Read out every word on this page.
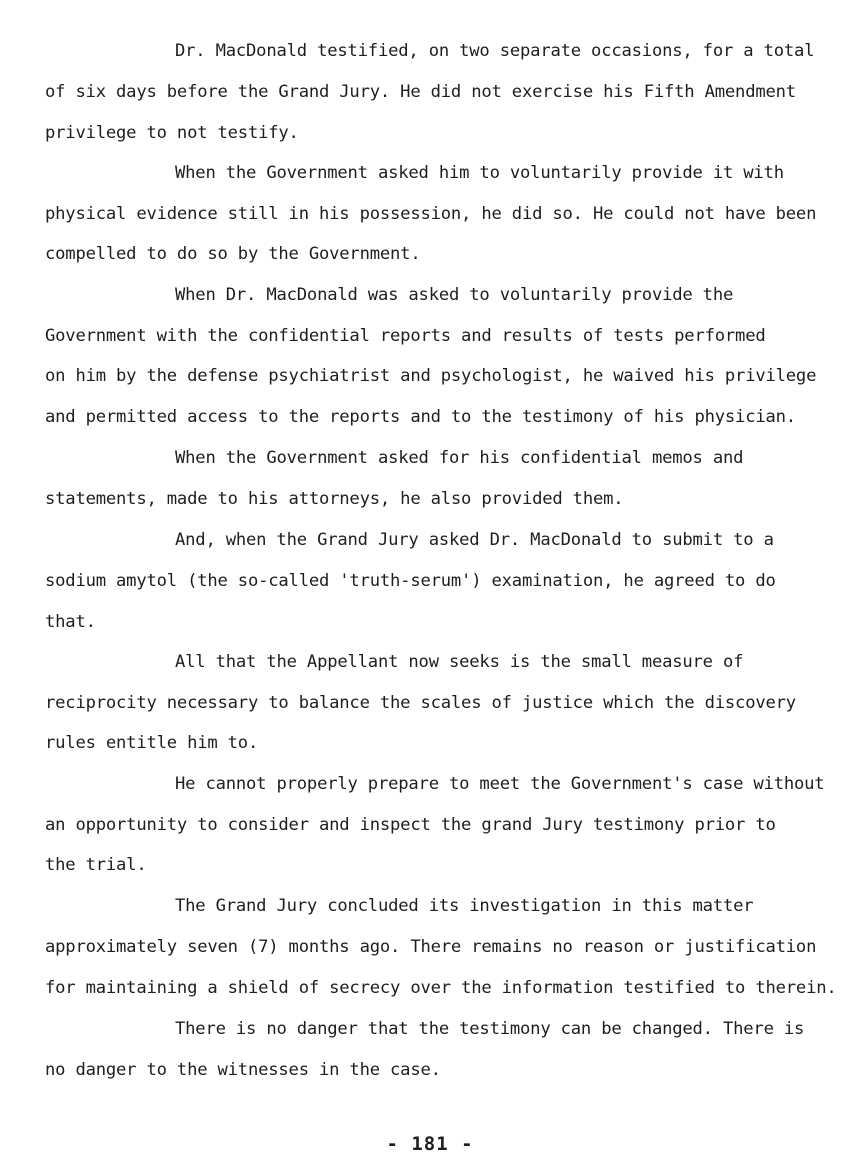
Dr. MacDonald testified, on two separate occasions, for a total
of six days before the Grand Jury. He did not exercise his Fifth Amendment
privilege to not testify.
When the Government asked him to voluntarily provide it with
physical evidence still in his possession, he did so. He could not have been
compelled to do so by the Government.
When Dr. MacDonald was asked to voluntarily provide the
Government with the confidential reports and results of tests performed
on him by the defense psychiatrist and psychologist, he waived his privilege
and permitted access to the reports and to the testimony of his physician.
When the Government asked for his confidential memos and
statements, made to his attorneys, he also provided them.
And, when the Grand Jury asked Dr. MacDonald to submit to a
sodium amytol (the so-called 'truth-serum') examination, he agreed to do
that.
All that the Appellant now seeks is the small measure of
reciprocity necessary to balance the scales of justice which the discovery
rules entitle him to.
He cannot properly prepare to meet the Government's case without
an opportunity to consider and inspect the grand Jury testimony prior to
the trial.
The Grand Jury concluded its investigation in this matter
approximately seven (7) months ago. There remains no reason or justification
for maintaining a shield of secrecy over the information testified to therein.
There is no danger that the testimony can be changed. There is
no danger to the witnesses in the case.
- 181 -
